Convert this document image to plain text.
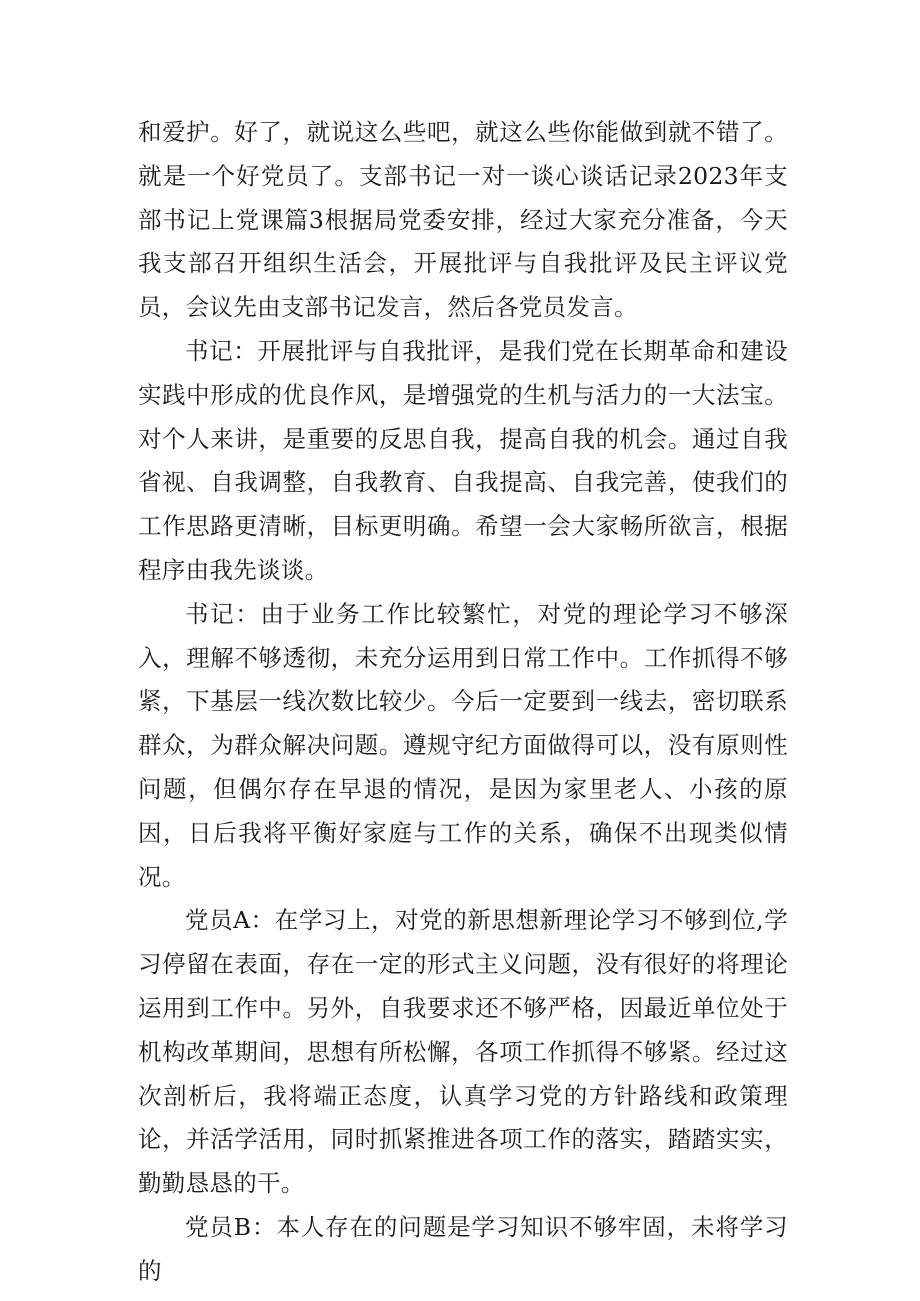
和爱护。好了，就说这么些吧，就这么些你能做到就不错了。就是一个好党员了。支部书记一对一谈心谈话记录2023年支部书记上党课篇3根据局党委安排，经过大家充分准备，今天我支部召开组织生活会，开展批评与自我批评及民主评议党员，会议先由支部书记发言，然后各党员发言。

书记：开展批评与自我批评，是我们党在长期革命和建设实践中形成的优良作风，是增强党的生机与活力的一大法宝。对个人来讲，是重要的反思自我，提高自我的机会。通过自我省视、自我调整，自我教育、自我提高、自我完善，使我们的工作思路更清晰，目标更明确。希望一会大家畅所欲言，根据程序由我先谈谈。

书记：由于业务工作比较繁忙，对党的理论学习不够深入，理解不够透彻，未充分运用到日常工作中。工作抓得不够紧，下基层一线次数比较少。今后一定要到一线去，密切联系群众，为群众解决问题。遵规守纪方面做得可以，没有原则性问题，但偶尔存在早退的情况，是因为家里老人、小孩的原因，日后我将平衡好家庭与工作的关系，确保不出现类似情况。

党员A：在学习上，对党的新思想新理论学习不够到位,学习停留在表面，存在一定的形式主义问题，没有很好的将理论运用到工作中。另外，自我要求还不够严格，因最近单位处于机构改革期间，思想有所松懈，各项工作抓得不够紧。经过这次剖析后，我将端正态度，认真学习党的方针路线和政策理论，并活学活用，同时抓紧推进各项工作的落实，踏踏实实，勤勤恳恳的干。

党员B：本人存在的问题是学习知识不够牢固，未将学习的
